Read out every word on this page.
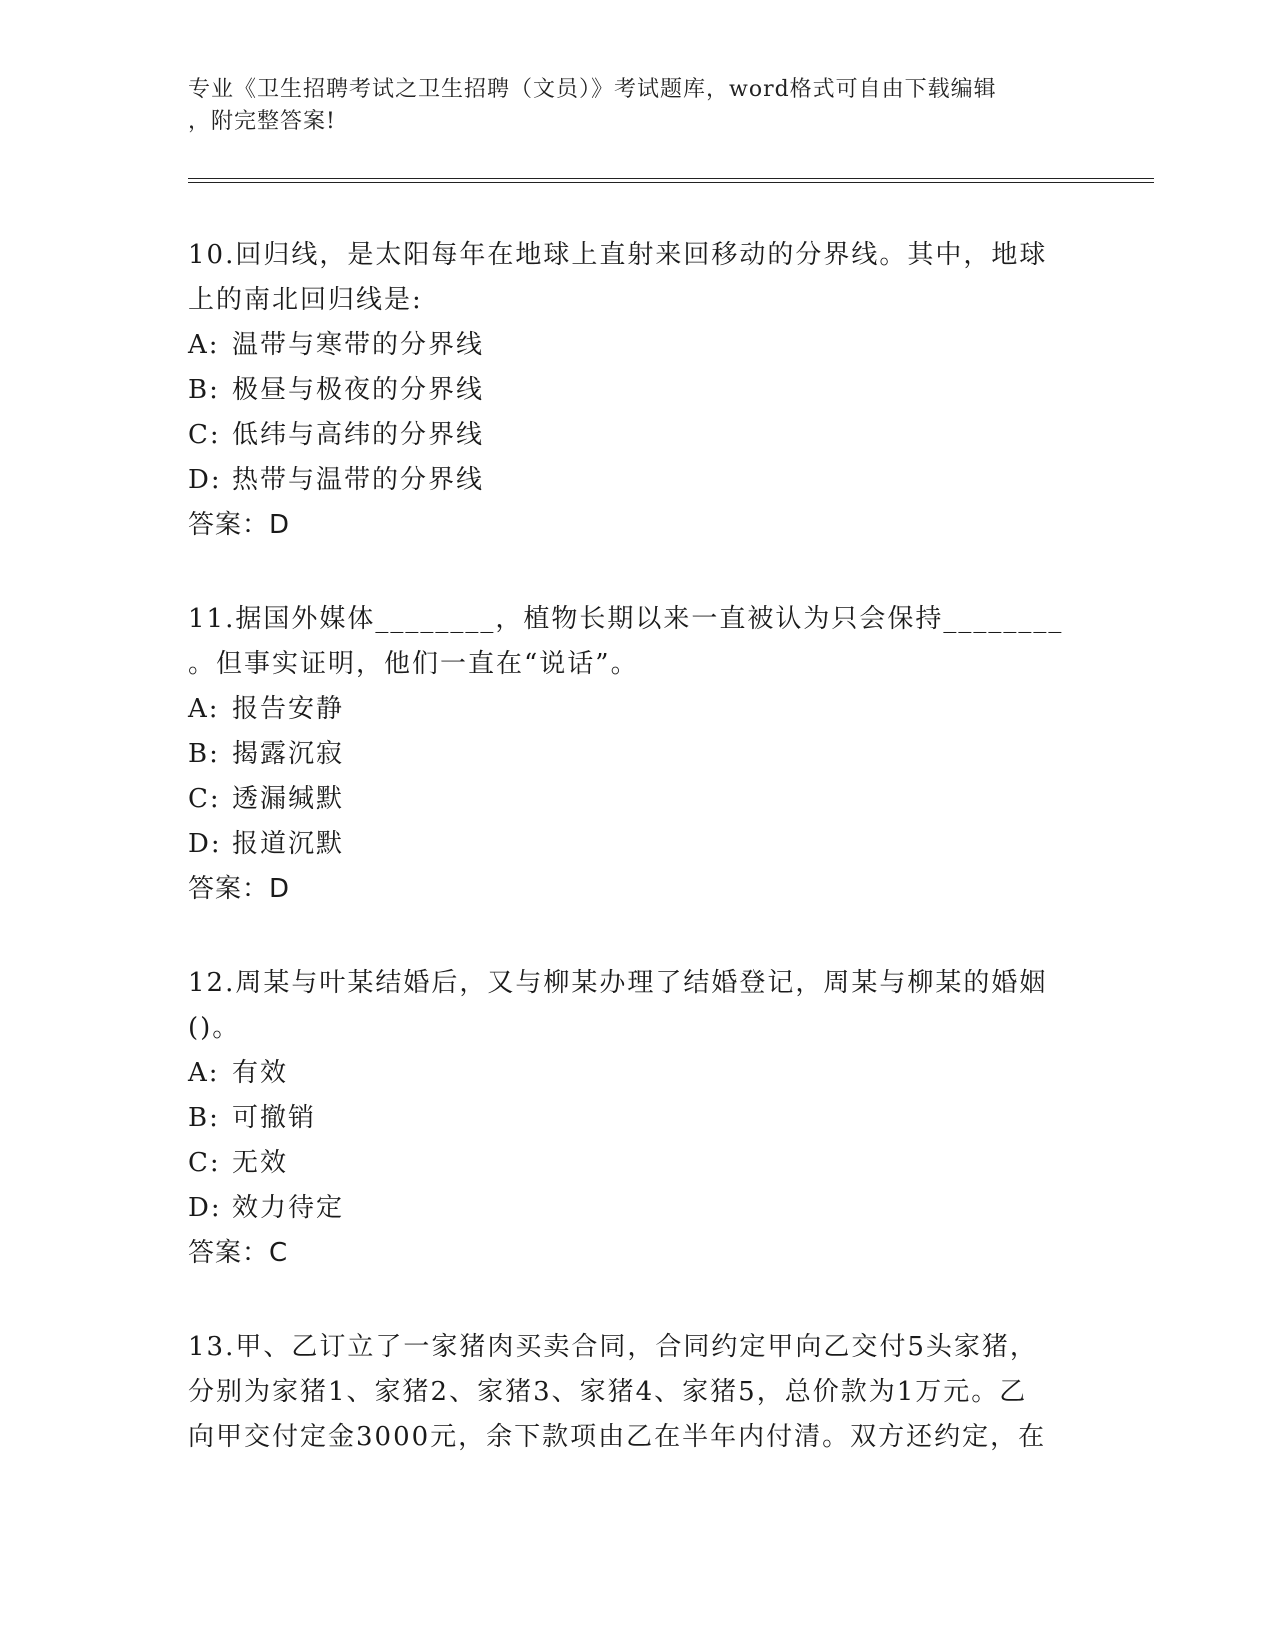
专业《卫生招聘考试之卫生招聘（文员）》考试题库，word格式可自由下载编辑
，附完整答案!

10.回归线，是太阳每年在地球上直射来回移动的分界线。其中，地球

上的南北回归线是:

A: 温带与寒带的分界线

B: 极昼与极夜的分界线

C: 低纬与高纬的分界线

D: 热带与温带的分界线

答案：D

11.据国外媒体________，植物长期以来一直被认为只会保持________

。但事实证明，他们一直在“说话”。

A: 报告安静

B: 揭露沉寂

C: 透漏缄默

D: 报道沉默

答案：D

12.周某与叶某结婚后，又与柳某办理了结婚登记，周某与柳某的婚姻

()。

A: 有效

B: 可撤销

C: 无效

D: 效力待定

答案：C

13.甲、乙订立了一家猪肉买卖合同，合同约定甲向乙交付5头家猪，

分别为家猪1、家猪2、家猪3、家猪4、家猪5，总价款为1万元。乙

向甲交付定金3000元，余下款项由乙在半年内付清。双方还约定，在
